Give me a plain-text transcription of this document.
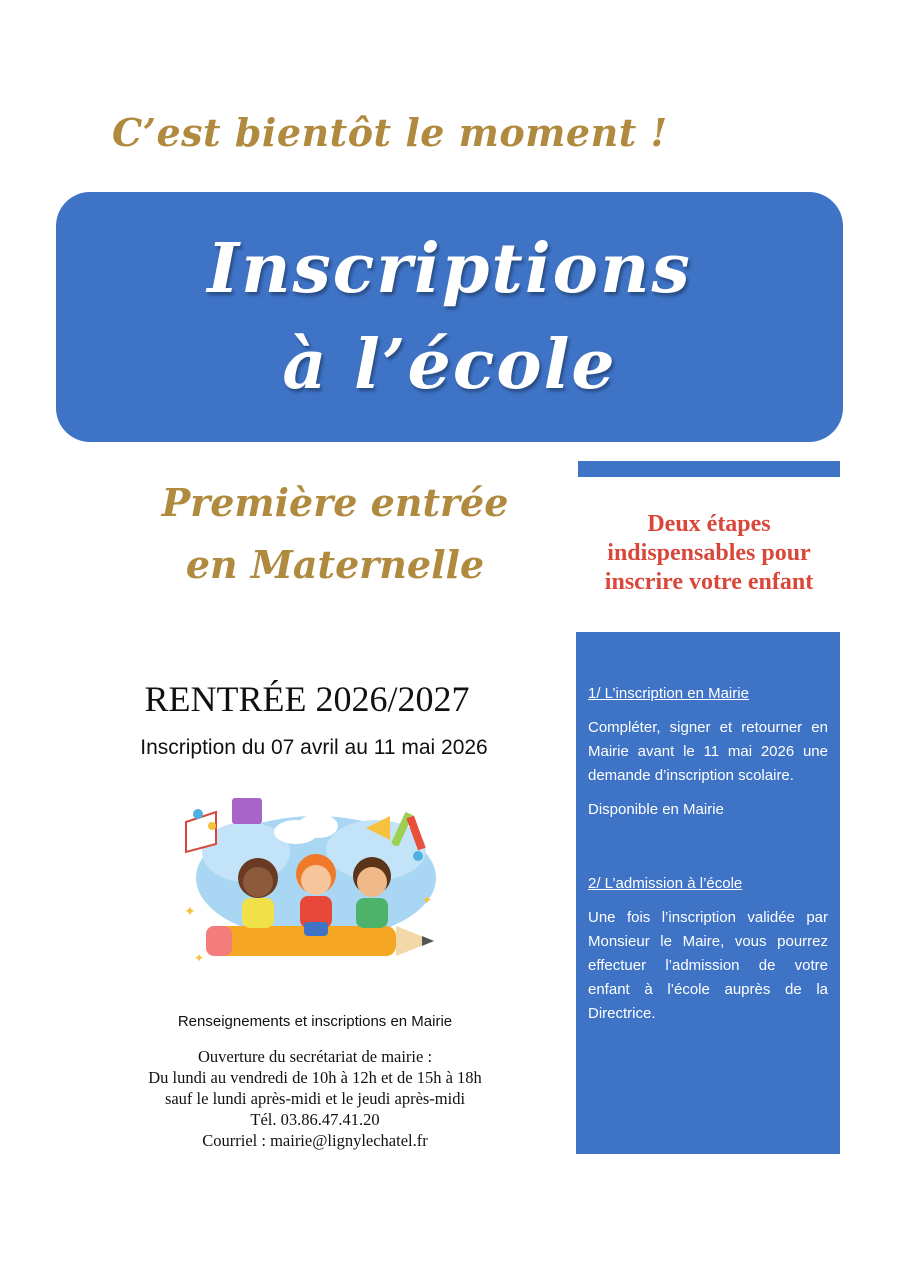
C’est bientôt le moment !
Inscriptions
à l’école
Première entrée
en Maternelle
Deux étapes indispensables pour inscrire votre enfant
RENTRÉE 2026/2027
Inscription du 07 avril au 11 mai 2026
✦
✦
✦
Renseignements et inscriptions en Mairie
Ouverture du secrétariat de mairie :
Du lundi au vendredi de 10h à 12h et de 15h à 18h
sauf le lundi après-midi et le jeudi après-midi
Tél. 03.86.47.41.20
Courriel : mairie@lignylechatel.fr
1/ L’inscription en Mairie
Compléter, signer et retourner en Mairie avant le 11 mai 2026 une demande d’inscription scolaire.
Disponible en Mairie
2/ L’admission à l’école
Une fois l’inscription validée par Monsieur le Maire, vous pourrez effectuer l’admission de votre enfant à l’école auprès de la Directrice.
